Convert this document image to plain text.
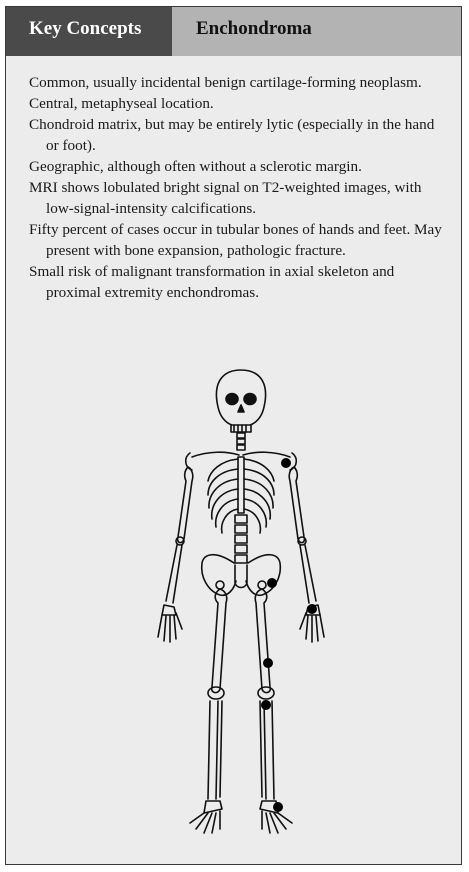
Key Concepts	Enchondroma
Common, usually incidental benign cartilage-forming neoplasm.
Central, metaphyseal location.
Chondroid matrix, but may be entirely lytic (especially in the hand or foot).
Geographic, although often without a sclerotic margin.
MRI shows lobulated bright signal on T2-weighted images, with low-signal-intensity calcifications.
Fifty percent of cases occur in tubular bones of hands and feet. May present with bone expansion, pathologic fracture.
Small risk of malignant transformation in axial skeleton and proximal extremity enchondromas.
